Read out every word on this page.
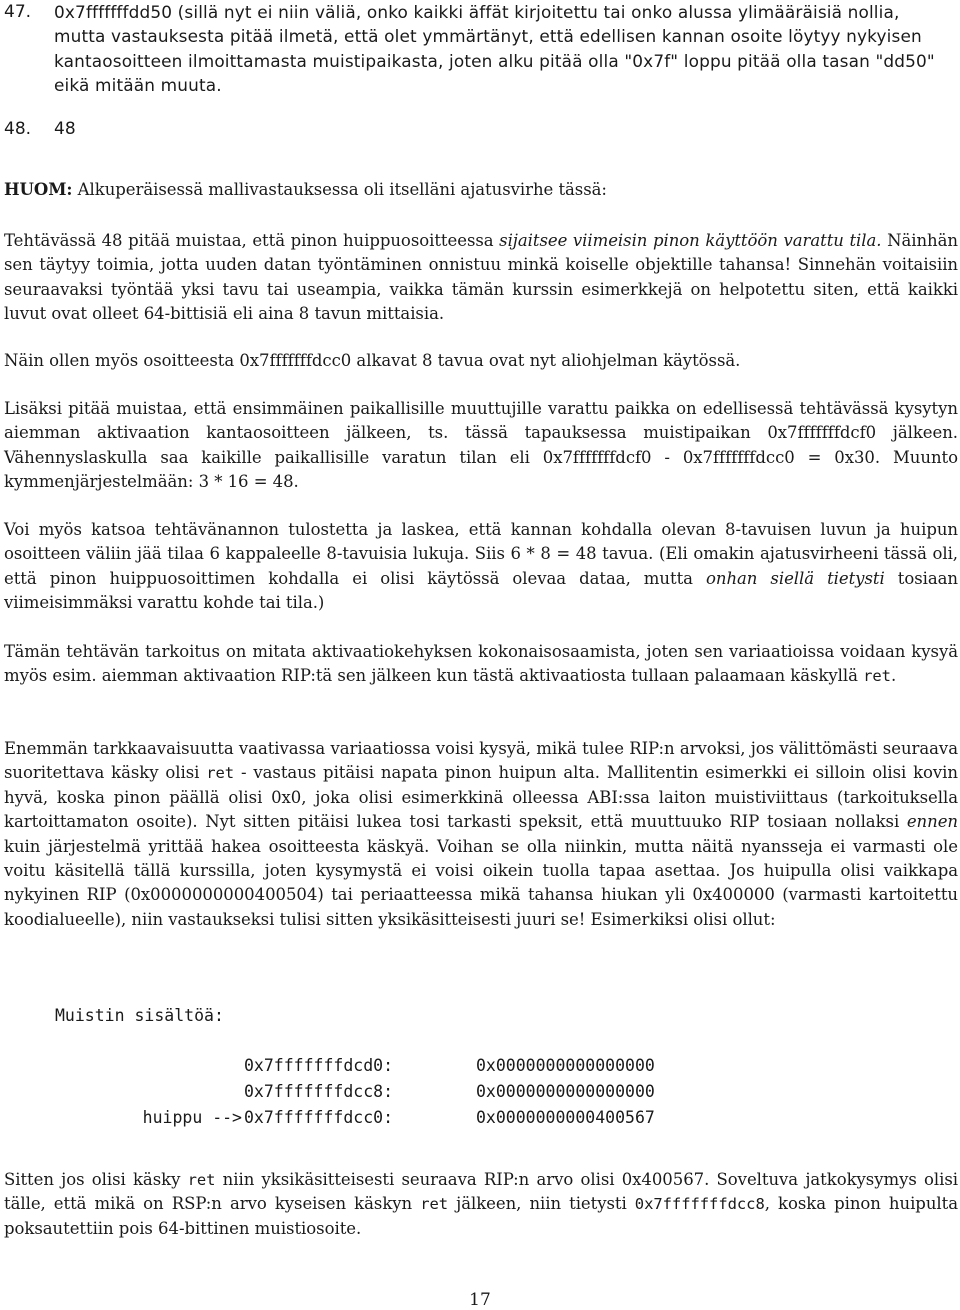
47. 0x7fffffffdd50 (sillä nyt ei niin väliä, onko kaikki äffät kirjoitettu tai onko alussa ylimääräisiä nollia, mutta vastauksesta pitää ilmetä, että olet ymmärtänyt, että edellisen kannan osoite löytyy nykyisen kantaosoitteen ilmoittamasta muistipaikasta, joten alku pitää olla "0x7f" loppu pitää olla tasan "dd50" eikä mitään muuta.
48. 48
HUOM: Alkuperäisessä mallivastauksessa oli itselläni ajatusvirhe tässä:
Tehtävässä 48 pitää muistaa, että pinon huippuosoitteessa sijaitsee viimeisin pinon käyttöön varattu tila. Näinhän sen täytyy toimia, jotta uuden datan työntäminen onnistuu minkä koiselle objektille tahansa! Sinnehän voitaisiin seuraavaksi työntää yksi tavu tai useampia, vaikka tämän kurssin esimerkkejä on helpotettu siten, että kaikki luvut ovat olleet 64-bittisiä eli aina 8 tavun mittaisia.
Näin ollen myös osoitteesta 0x7fffffffdcc0 alkavat 8 tavua ovat nyt aliohjelman käytössä.
Lisäksi pitää muistaa, että ensimmäinen paikallisille muuttujille varattu paikka on edellisessä tehtävässä kysytyn aiemman aktivaation kantaosoitteen jälkeen, ts. tässä tapauksessa muistipaikan 0x7fffffffdcf0 jälkeen. Vähennyslaskulla saa kaikille paikallisille varatun tilan eli 0x7fffffffdcf0 - 0x7fffffffdcc0 = 0x30. Muunto kymmenjärjestelmään: 3 * 16 = 48.
Voi myös katsoa tehtävänannon tulostetta ja laskea, että kannan kohdalla olevan 8-tavuisen luvun ja huipun osoitteen väliin jää tilaa 6 kappaleelle 8-tavuisia lukuja. Siis 6 * 8 = 48 tavua. (Eli omakin ajatusvirheeni tässä oli, että pinon huippuosoittimen kohdalla ei olisi käytössä olevaa dataa, mutta onhan siellä tietysti tosiaan viimeisimmäksi varattu kohde tai tila.)
Tämän tehtävän tarkoitus on mitata aktivaatiokehyksen kokonaisosaamista, joten sen variaatioissa voidaan kysyä myös esim. aiemman aktivaation RIP:tä sen jälkeen kun tästä aktivaatiosta tullaan palaamaan käskyllä ret.
Enemmän tarkkaavaisuutta vaativassa variaatiossa voisi kysyä, mikä tulee RIP:n arvoksi, jos välittömästi seuraava suoritettava käsky olisi ret - vastaus pitäisi napata pinon huipun alta. Mallitentin esimerkki ei silloin olisi kovin hyvä, koska pinon päällä olisi 0x0, joka olisi esimerkkinä olleessa ABI:ssa laiton muistiviittaus (tarkoituksella kartoittamaton osoite). Nyt sitten pitäisi lukea tosi tarkasti speksit, että muuttuuko RIP tosiaan nollaksi ennen kuin järjestelmä yrittää hakea osoitteesta käskyä. Voihan se olla niinkin, mutta näitä nyansseja ei varmasti ole voitu käsitellä tällä kurssilla, joten kysymystä ei voisi oikein tuolla tapaa asettaa. Jos huipulla olisi vaikkapa nykyinen RIP (0x0000000000400504) tai periaatteessa mikä tahansa hiukan yli 0x400000 (varmasti kartoitettu koodialueelle), niin vastaukseksi tulisi sitten yksikäsitteisesti juuri se! Esimerkiksi olisi ollut:
Muistin sisältöä:
0x7fffffffdcd0:	0x0000000000000000
0x7fffffffdcc8:	0x0000000000000000
huippu --> 0x7fffffffdcc0:	0x0000000000400567
Sitten jos olisi käsky ret niin yksikäsitteisesti seuraava RIP:n arvo olisi 0x400567. Soveltuva jatkokysymys olisi tälle, että mikä on RSP:n arvo kyseisen käskyn ret jälkeen, niin tietysti 0x7fffffffdcc8, koska pinon huipulta poksautettiin pois 64-bittinen muistiosoite.
17
